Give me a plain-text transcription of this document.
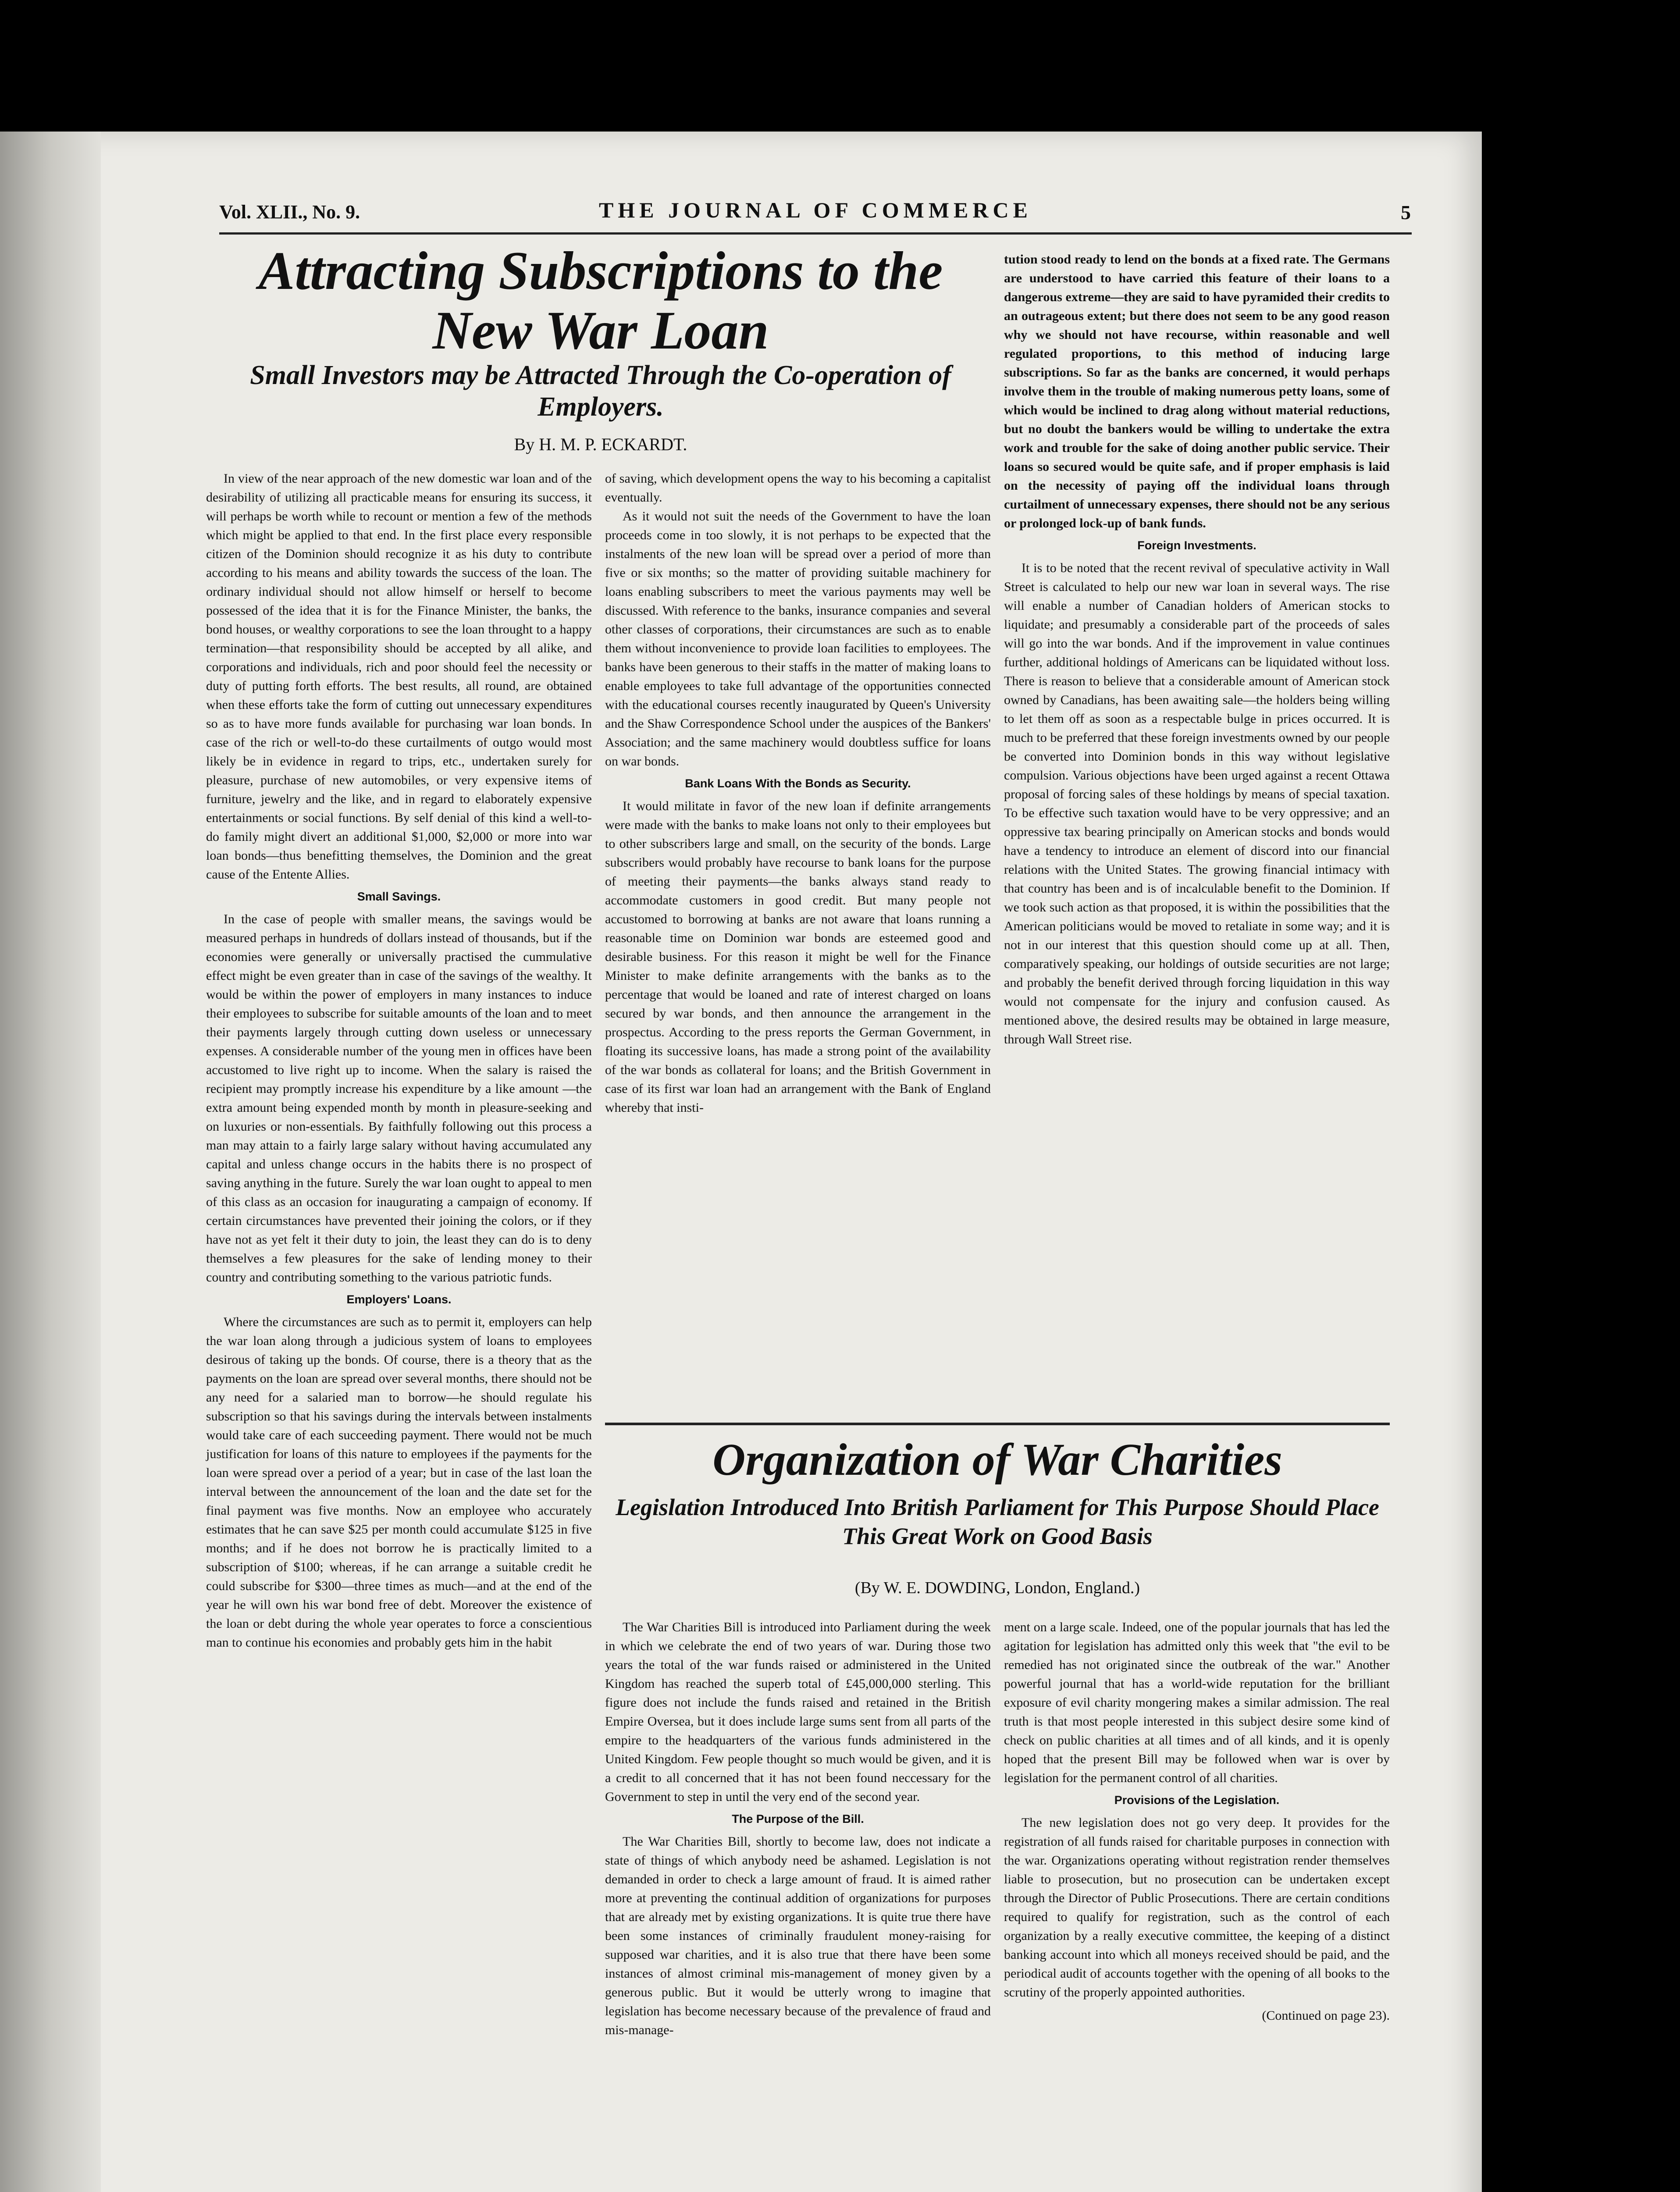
Vol. XLII., No. 9.	THE JOURNAL OF COMMERCE	5
Attracting Subscriptions to the New War Loan
Small Investors may be Attracted Through the Co-operation of Employers.
By H. M. P. ECKARDT.

In view of the near approach of the new domestic war loan and of the desirability of utilizing all practicable means for ensuring its success, it will perhaps be worth while to recount or mention a few of the methods which might be applied to that end. In the first place every responsible citizen of the Dominion should recognize it as his duty to contribute according to his means and ability towards the success of the loan. The ordinary individual should not allow himself or herself to become possessed of the idea that it is for the Finance Minister, the banks, the bond houses, or wealthy corporations to see the loan throught to a happy termination—that responsibility should be accepted by all alike, and corporations and individuals, rich and poor should feel the necessity or duty of putting forth efforts. The best results, all round, are obtained when these efforts take the form of cutting out unnecessary expenditures so as to have more funds available for purchasing war loan bonds. In case of the rich or well-to-do these curtailments of outgo would most likely be in evidence in regard to trips, etc., undertaken surely for pleasure, purchase of new automobiles, or very expensive items of furniture, jewelry and the like, and in regard to elaborately expensive entertainments or social functions. By self denial of this kind a well-to-do family might divert an additional $1,000, $2,000 or more into war loan bonds—thus benefitting themselves, the Dominion and the great cause of the Entente Allies.

Small Savings.

In the case of people with smaller means, the savings would be measured perhaps in hundreds of dollars instead of thousands, but if the economies were generally or universally practised the cummulative effect might be even greater than in case of the savings of the wealthy. It would be within the power of employers in many instances to induce their employees to subscribe for suitable amounts of the loan and to meet their payments largely through cutting down useless or unnecessary expenses. A considerable number of the young men in offices have been accustomed to live right up to income. When the salary is raised the recipient may promptly increase his expenditure by a like amount —the extra amount being expended month by month in pleasure-seeking and on luxuries or non-essentials. By faithfully following out this process a man may attain to a fairly large salary without having accumulated any capital and unless change occurs in the habits there is no prospect of saving anything in the future. Surely the war loan ought to appeal to men of this class as an occasion for inaugurating a campaign of economy. If certain circumstances have prevented their joining the colors, or if they have not as yet felt it their duty to join, the least they can do is to deny themselves a few pleasures for the sake of lending money to their country and contributing something to the various patriotic funds.

Employers' Loans.

Where the circumstances are such as to permit it, employers can help the war loan along through a judicious system of loans to employees desirous of taking up the bonds. Of course, there is a theory that as the payments on the loan are spread over several months, there should not be any need for a salaried man to borrow—he should regulate his subscription so that his savings during the intervals between instalments would take care of each succeeding payment. There would not be much justification for loans of this nature to employees if the payments for the loan were spread over a period of a year; but in case of the last loan the interval between the announcement of the loan and the date set for the final payment was five months. Now an employee who accurately estimates that he can save $25 per month could accumulate $125 in five months; and if he does not borrow he is practically limited to a subscription of $100; whereas, if he can arrange a suitable credit he could subscribe for $300—three times as much—and at the end of the year he will own his war bond free of debt. Moreover the existence of the loan or debt during the whole year operates to force a conscientious man to continue his economies and probably gets him in the habit

of saving, which development opens the way to his becoming a capitalist eventually.

As it would not suit the needs of the Government to have the loan proceeds come in too slowly, it is not perhaps to be expected that the instalments of the new loan will be spread over a period of more than five or six months; so the matter of providing suitable machinery for loans enabling subscribers to meet the various payments may well be discussed. With reference to the banks, insurance companies and several other classes of corporations, their circumstances are such as to enable them without inconvenience to provide loan facilities to employees. The banks have been generous to their staffs in the matter of making loans to enable employees to take full advantage of the opportunities connected with the educational courses recently inaugurated by Queen's University and the Shaw Correspondence School under the auspices of the Bankers' Association; and the same machinery would doubtless suffice for loans on war bonds.

Bank Loans With the Bonds as Security.

It would militate in favor of the new loan if definite arrangements were made with the banks to make loans not only to their employees but to other subscribers large and small, on the security of the bonds. Large subscribers would probably have recourse to bank loans for the purpose of meeting their payments—the banks always stand ready to accommodate customers in good credit. But many people not accustomed to borrowing at banks are not aware that loans running a reasonable time on Dominion war bonds are esteemed good and desirable business. For this reason it might be well for the Finance Minister to make definite arrangements with the banks as to the percentage that would be loaned and rate of interest charged on loans secured by war bonds, and then announce the arrangement in the prospectus. According to the press reports the German Government, in floating its successive loans, has made a strong point of the availability of the war bonds as collateral for loans; and the British Government in case of its first war loan had an arrangement with the Bank of England whereby that insti-

tution stood ready to lend on the bonds at a fixed rate. The Germans are understood to have carried this feature of their loans to a dangerous extreme—they are said to have pyramided their credits to an outrageous extent; but there does not seem to be any good reason why we should not have recourse, within reasonable and well regulated proportions, to this method of inducing large subscriptions. So far as the banks are concerned, it would perhaps involve them in the trouble of making numerous petty loans, some of which would be inclined to drag along without material reductions, but no doubt the bankers would be willing to undertake the extra work and trouble for the sake of doing another public service. Their loans so secured would be quite safe, and if proper emphasis is laid on the necessity of paying off the individual loans through curtailment of unnecessary expenses, there should not be any serious or prolonged lock-up of bank funds.

Foreign Investments.

It is to be noted that the recent revival of speculative activity in Wall Street is calculated to help our new war loan in several ways. The rise will enable a number of Canadian holders of American stocks to liquidate; and presumably a considerable part of the proceeds of sales will go into the war bonds. And if the improvement in value continues further, additional holdings of Americans can be liquidated without loss. There is reason to believe that a considerable amount of American stock owned by Canadians, has been awaiting sale—the holders being willing to let them off as soon as a respectable bulge in prices occurred. It is much to be preferred that these foreign investments owned by our people be converted into Dominion bonds in this way without legislative compulsion. Various objections have been urged against a recent Ottawa proposal of forcing sales of these holdings by means of special taxation. To be effective such taxation would have to be very oppressive; and an oppressive tax bearing principally on American stocks and bonds would have a tendency to introduce an element of discord into our financial relations with the United States. The growing financial intimacy with that country has been and is of incalculable benefit to the Dominion. If we took such action as that proposed, it is within the possibilities that the American politicians would be moved to retaliate in some way; and it is not in our interest that this question should come up at all. Then, comparatively speaking, our holdings of outside securities are not large; and probably the benefit derived through forcing liquidation in this way would not compensate for the injury and confusion caused. As mentioned above, the desired results may be obtained in large measure, through Wall Street rise.

Organization of War Charities
Legislation Introduced Into British Parliament for This Purpose Should Place This Great Work on Good Basis
(By W. E. DOWDING, London, England.)

The War Charities Bill is introduced into Parliament during the week in which we celebrate the end of two years of war. During those two years the total of the war funds raised or administered in the United Kingdom has reached the superb total of £45,000,000 sterling. This figure does not include the funds raised and retained in the British Empire Oversea, but it does include large sums sent from all parts of the empire to the headquarters of the various funds administered in the United Kingdom. Few people thought so much would be given, and it is a credit to all concerned that it has not been found neccessary for the Government to step in until the very end of the second year.

The Purpose of the Bill.

The War Charities Bill, shortly to become law, does not indicate a state of things of which anybody need be ashamed. Legislation is not demanded in order to check a large amount of fraud. It is aimed rather more at preventing the continual addition of organizations for purposes that are already met by existing organizations. It is quite true there have been some instances of criminally fraudulent money-raising for supposed war charities, and it is also true that there have been some instances of almost criminal mis-management of money given by a generous public. But it would be utterly wrong to imagine that legislation has become necessary because of the prevalence of fraud and mis-manage-

ment on a large scale. Indeed, one of the popular journals that has led the agitation for legislation has admitted only this week that "the evil to be remedied has not originated since the outbreak of the war." Another powerful journal that has a world-wide reputation for the brilliant exposure of evil charity mongering makes a similar admission. The real truth is that most people interested in this subject desire some kind of check on public charities at all times and of all kinds, and it is openly hoped that the present Bill may be followed when war is over by legislation for the permanent control of all charities.

Provisions of the Legislation.

The new legislation does not go very deep. It provides for the registration of all funds raised for charitable purposes in connection with the war. Organizations operating without registration render themselves liable to prosecution, but no prosecution can be undertaken except through the Director of Public Prosecutions. There are certain conditions required to qualify for registration, such as the control of each organization by a really executive committee, the keeping of a distinct banking account into which all moneys received should be paid, and the periodical audit of accounts together with the opening of all books to the scrutiny of the properly appointed authorities.

(Continued on page 23).
